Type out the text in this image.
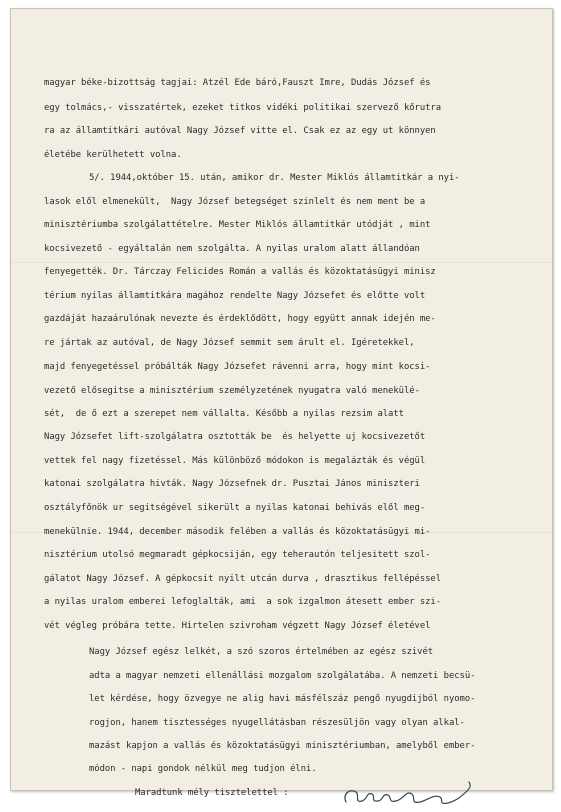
magyar béke-bizottság tagjai: Atzél Ede báró,Fauszt Imre, Dudás József és
egy tolmács,- visszatértek, ezeket titkos vidéki politikai szervező kőrutra
ra az államtitkári autóval Nagy József vitte el. Csak ez az egy ut könnyen
életébe kerülhetett volna.
5/. 1944,október 15. után, amikor dr. Mester Miklós államtitkár a nyi-
lasok elől elmenekült,  Nagy József betegséget szinlelt és nem ment be a
minisztériumba szolgálattételre. Mester Miklós államtitkár utódját , mint
kocsivezető - egyáltalán nem szolgálta. A nyilas uralom alatt állandóan
fenyegették. Dr. Tárczay Felicides Román a vallás és közoktatásügyi minisz
térium nyilas államtitkára magához rendelte Nagy Józsefet és előtte volt
gazdáját hazaárulónak nevezte és érdeklődött, hogy együtt annak idején me-
re jártak az autóval, de Nagy József semmit sem árult el. Igéretekkel,
majd fenyegetéssel próbálták Nagy Józsefet rávenni arra, hogy mint kocsi-
vezető elősegitse a minisztérium személyzetének nyugatra való menekülé-
sét,  de ő ezt a szerepet nem vállalta. Később a nyilas rezsim alatt
Nagy Józsefet lift-szolgálatra osztották be  és helyette uj kocsivezetőt
vettek fel nagy fizetéssel. Más különböző módokon is megalázták és végül
katonai szolgálatra hivták. Nagy Józsefnek dr. Pusztai János miniszteri
osztályfőnök ur segitségével sikerült a nyilas katonai behivás elől meg-
menekülnie. 1944, december második felében a vallás és közoktatásügyi mi-
nisztérium utolsó megmaradt gépkocsiján, egy teherautón teljesitett szol-
gálatot Nagy József. A gépkocsit nyilt utcán durva , drasztikus fellépéssel
a nyilas uralom emberei lefoglalták, ami  a sok izgalmon átesett ember szi-
vét végleg próbára tette. Hirtelen szivroham végzett Nagy József életével
Nagy József egész lelkét, a szó szoros értelmében az egész szivét
adta a magyar nemzeti ellenállási mozgalom szolgálatába. A nemzeti becsü-
let kérdése, hogy özvegye ne alig havi másfélszáz pengő nyugdijból nyomo-
rogjon, hanem tisztességes nyugellátásban részesüljön vagy olyan alkal-
mazást kapjon a vallás és közoktatásügyi minisztériumban, amelyből ember-
módon - napi gondok nélkül meg tudjon élni.
Maradtunk mély tisztelettel :
